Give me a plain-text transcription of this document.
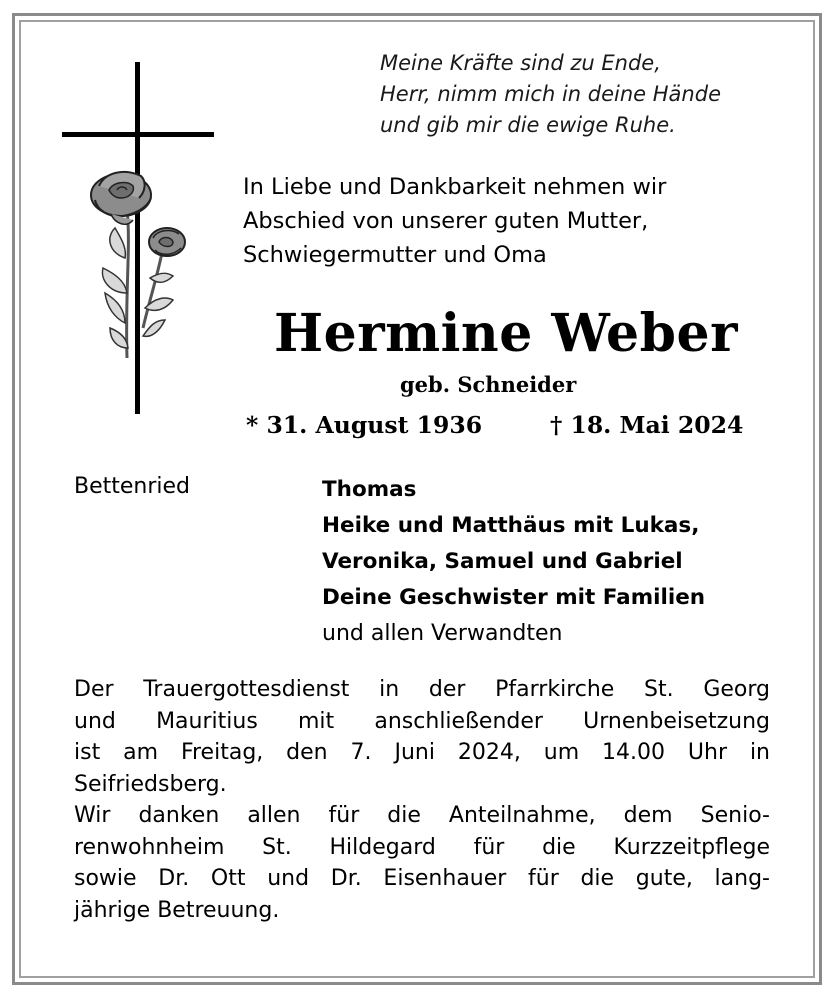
Meine Kräfte sind zu Ende,
Herr, nimm mich in deine Hände
und gib mir die ewige Ruhe.
In Liebe und Dankbarkeit nehmen wir
Abschied von unserer guten Mutter,
Schwiegermutter und Oma
Hermine Weber
geb. Schneider
* 31. August 1936	† 18. Mai 2024
Bettenried	Thomas
Heike und Matthäus mit Lukas,
Veronika, Samuel und Gabriel
Deine Geschwister mit Familien
und allen Verwandten
Der Trauergottesdienst in der Pfarrkirche St. Georg
und Mauritius mit anschließender Urnenbeisetzung
ist am Freitag, den 7. Juni 2024, um 14.00 Uhr in
Seifriedsberg.
Wir danken allen für die Anteilnahme, dem Senio-
renwohnheim St. Hildegard für die Kurzzeitpflege
sowie Dr. Ott und Dr. Eisenhauer für die gute, lang-
jährige Betreuung.
